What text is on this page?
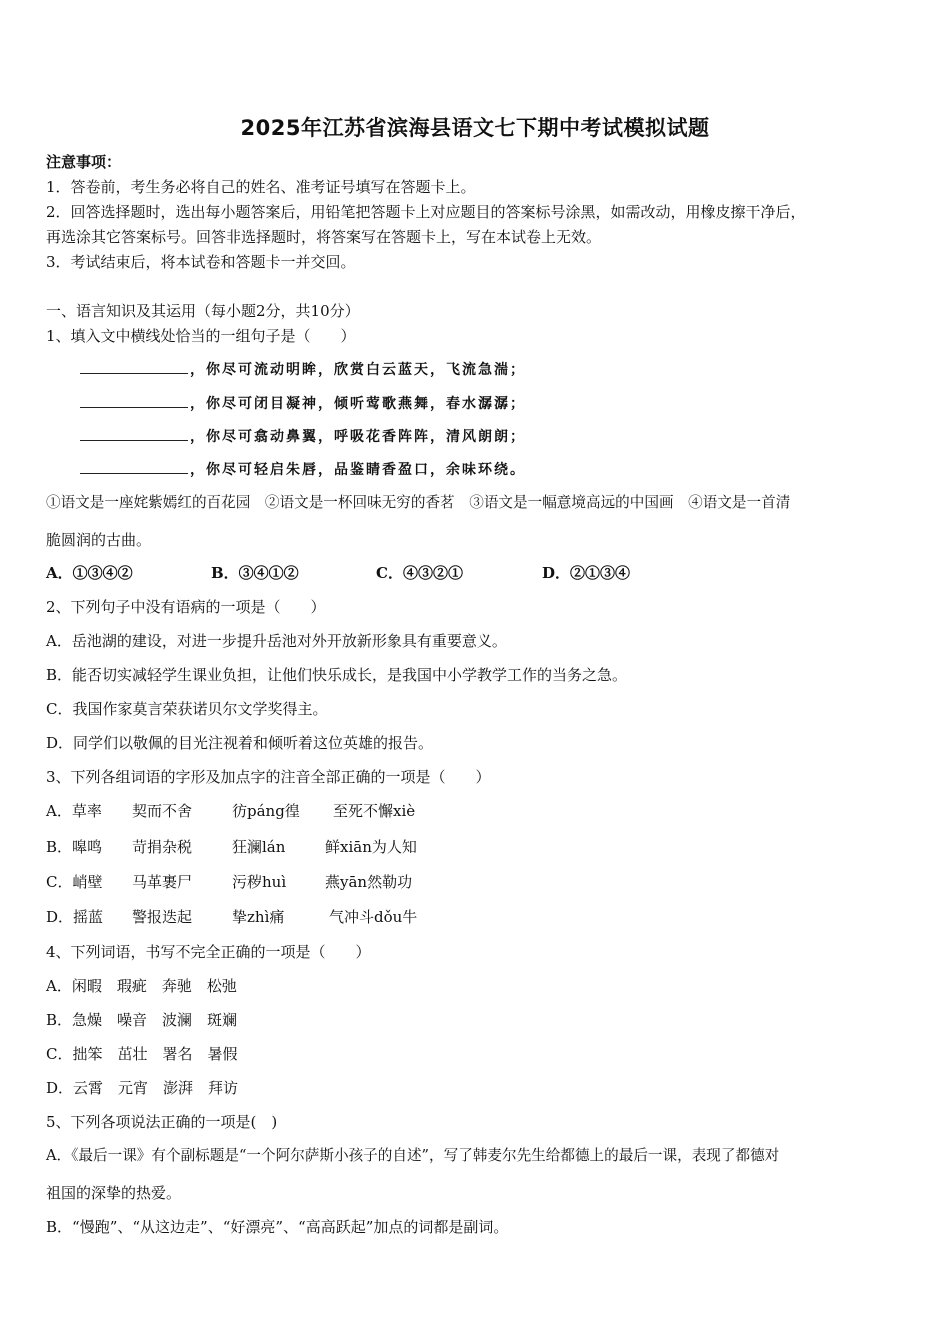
2025年江苏省滨海县语文七下期中考试模拟试题
注意事项：
1．答卷前，考生务必将自己的姓名、准考证号填写在答题卡上。
2．回答选择题时，选出每小题答案后，用铅笔把答题卡上对应题目的答案标号涂黑，如需改动，用橡皮擦干净后，
再选涂其它答案标号。回答非选择题时，将答案写在答题卡上，写在本试卷上无效。
3．考试结束后，将本试卷和答题卡一并交回。
一、语言知识及其运用（每小题2分，共10分）
1、填入文中横线处恰当的一组句子是（　　）
，你尽可流动明眸，欣赏白云蓝天，飞流急湍；
，你尽可闭目凝神，倾听莺歌燕舞，春水潺潺；
，你尽可翕动鼻翼，呼吸花香阵阵，清风朗朗；
，你尽可轻启朱唇，品鉴睛香盈口，余味环绕。
①语文是一座姹紫嫣红的百花园　②语文是一杯回味无穷的香茗　③语文是一幅意境高远的中国画　④语文是一首清
脆圆润的古曲。
A．①③④②	B．③④①②	C．④③②①	D．②①③④
2、下列句子中没有语病的一项是（　　）
A．岳池湖的建设，对进一步提升岳池对外开放新形象具有重要意义。
B．能否切实减轻学生课业负担，让他们快乐成长，是我国中小学教学工作的当务之急。
C．我国作家莫言荣获诺贝尔文学奖得主。
D．同学们以敬佩的目光注视着和倾听着这位英雄的报告。
3、下列各组词语的字形及加点字的注音全部正确的一项是（　　）
A．草率 契而不舍	彷páng徨 至死不懈xiè
B．嗥鸣 苛捐杂税	狂澜lán	鲜xiān为人知
C．峭壁 马革裹尸	污秽huì	燕yān然勒功
D．摇蓝 警报迭起	挚zhì痛	气冲斗dǒu牛
4、下列词语，书写不完全正确的一项是（　　）
A．闲暇　瑕疵　奔驰　松弛
B．急燥　噪音　波澜　斑斓
C．拙笨　茁壮　署名　暑假
D．云霄　元宵　澎湃　拜访
5、下列各项说法正确的一项是(　)
A．《最后一课》有个副标题是“一个阿尔萨斯小孩子的自述”，写了韩麦尔先生给都德上的最后一课，表现了都德对
祖国的深挚的热爱。
B．“慢跑”、“从这边走”、“好漂亮”、“高高跃起”加点的词都是副词。
